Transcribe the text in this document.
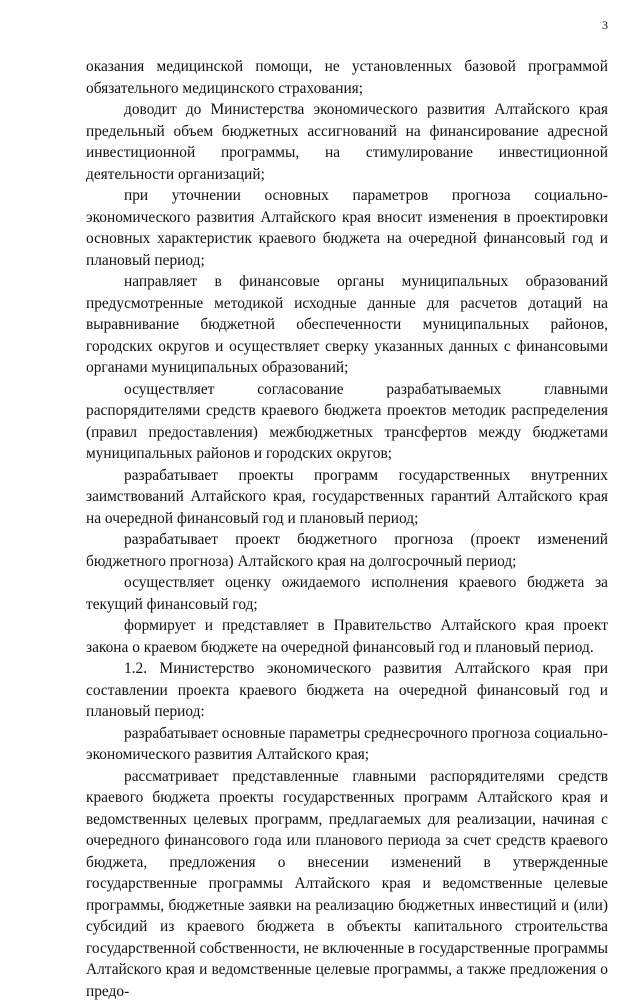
3

оказания медицинской помощи, не установленных базовой программой обязательного медицинского страхования;

доводит до Министерства экономического развития Алтайского края предельный объем бюджетных ассигнований на финансирование адресной инвестиционной программы, на стимулирование инвестиционной деятельности организаций;

при уточнении основных параметров прогноза социально-экономического развития Алтайского края вносит изменения в проектировки основных характеристик краевого бюджета на очередной финансовый год и плановый период;

направляет в финансовые органы муниципальных образований предусмотренные методикой исходные данные для расчетов дотаций на выравнивание бюджетной обеспеченности муниципальных районов, городских округов и осуществляет сверку указанных данных с финансовыми органами муниципальных образований;

осуществляет согласование разрабатываемых главными распорядителями средств краевого бюджета проектов методик распределения (правил предоставления) межбюджетных трансфертов между бюджетами муниципальных районов и городских округов;

разрабатывает проекты программ государственных внутренних заимствований Алтайского края, государственных гарантий Алтайского края на очередной финансовый год и плановый период;

разрабатывает проект бюджетного прогноза (проект изменений бюджетного прогноза) Алтайского края на долгосрочный период;

осуществляет оценку ожидаемого исполнения краевого бюджета за текущий финансовый год;

формирует и представляет в Правительство Алтайского края проект закона о краевом бюджете на очередной финансовый год и плановый период.

1.2. Министерство экономического развития Алтайского края при составлении проекта краевого бюджета на очередной финансовый год и плановый период:

разрабатывает основные параметры среднесрочного прогноза социально-экономического развития Алтайского края;

рассматривает представленные главными распорядителями средств краевого бюджета проекты государственных программ Алтайского края и ведомственных целевых программ, предлагаемых для реализации, начиная с очередного финансового года или планового периода за счет средств краевого бюджета, предложения о внесении изменений в утвержденные государственные программы Алтайского края и ведомственные целевые программы, бюджетные заявки на реализацию бюджетных инвестиций и (или) субсидий из краевого бюджета в объекты капитального строительства государственной собственности, не включенные в государственные программы Алтайского края и ведомственные целевые программы, а также предложения о предо-
